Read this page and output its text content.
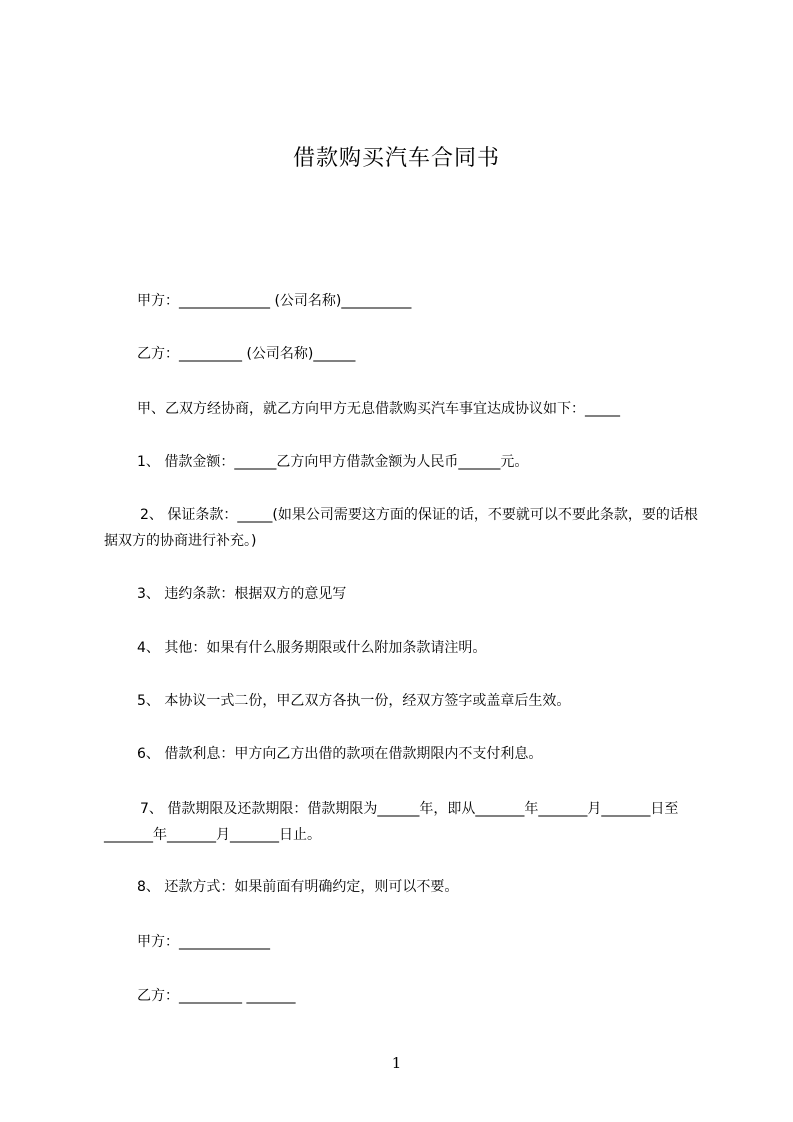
借款购买汽车合同书
甲方：_____________ (公司名称)__________
乙方：_________ (公司名称)______
甲、乙双方经协商，就乙方向甲方无息借款购买汽车事宜达成协议如下：_____
1、 借款金额：______乙方向甲方借款金额为人民币______元。
2、 保证条款：_____(如果公司需要这方面的保证的话，不要就可以不要此条款，要的话根据双方的协商进行补充。)
3、 违约条款：根据双方的意见写
4、 其他：如果有什么服务期限或什么附加条款请注明。
5、 本协议一式二份，甲乙双方各执一份，经双方签字或盖章后生效。
6、 借款利息：甲方向乙方出借的款项在借款期限内不支付利息。
7、 借款期限及还款期限：借款期限为______年，即从_______年_______月_______日至_______年_______月_______日止。
8、 还款方式：如果前面有明确约定，则可以不要。
甲方：_____________
乙方：_________ _______
1
